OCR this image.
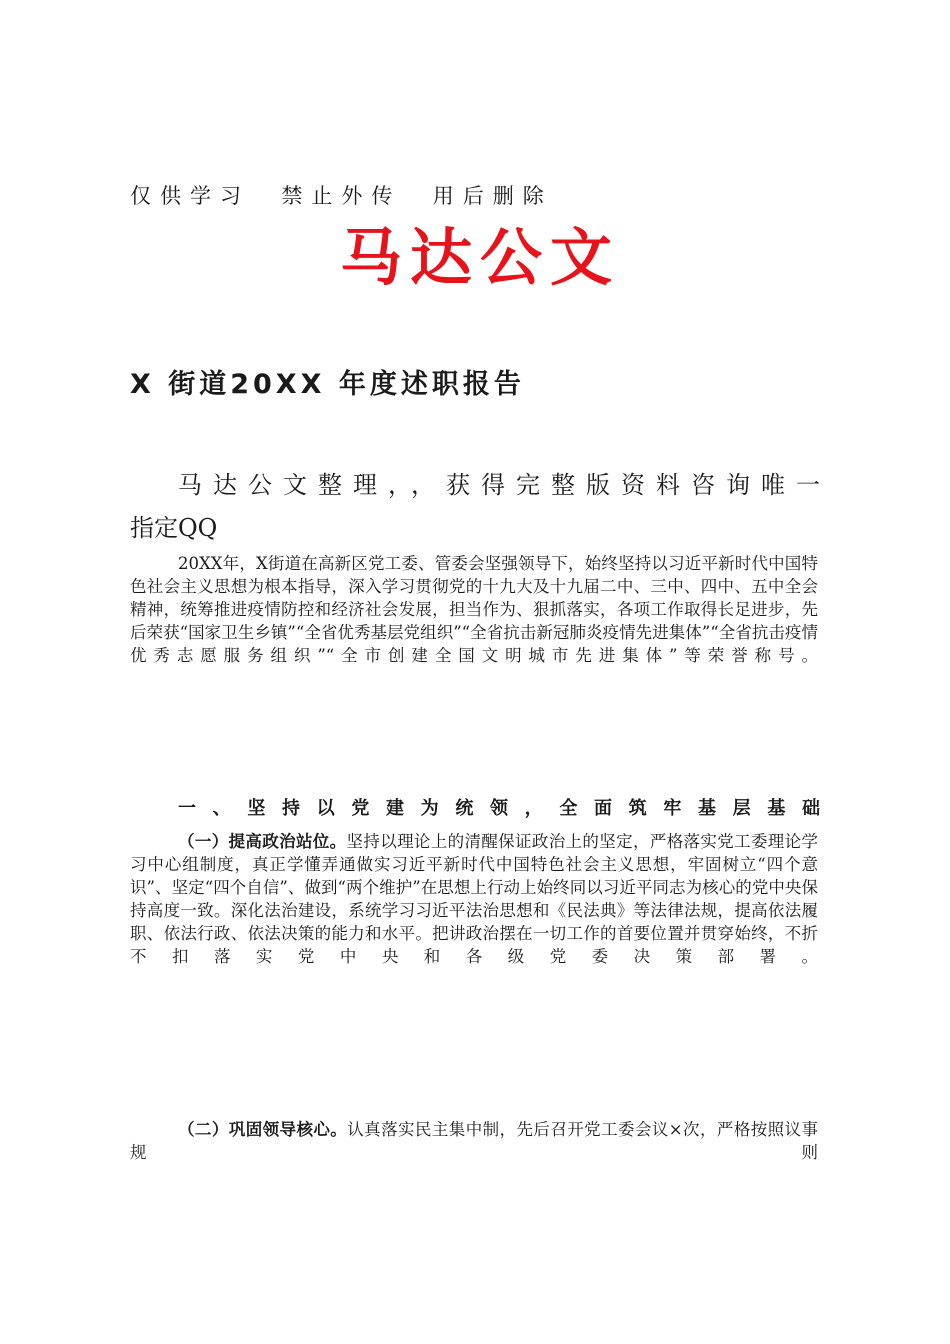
仅供学习  禁止外传  用后删除
马达公文
X 街道20XX 年度述职报告
马达公文整理，，获得完整版资料咨询唯一
指定QQ
20XX年，X街道在高新区党工委、管委会坚强领导下，始终坚持以习近平新时代中国特色社会主义思想为根本指导，深入学习贯彻党的十九大及十九届二中、三中、四中、五中全会精神，统筹推进疫情防控和经济社会发展，担当作为、狠抓落实，各项工作取得长足进步，先后荣获“国家卫生乡镇”“全省优秀基层党组织”“全省抗击新冠肺炎疫情先进集体”“全省抗击疫情优秀志愿服务组织”“全市创建全国文明城市先进集体”等荣誉称号。
一、坚持以党建为统领，全面筑牢基层基础
（一）提高政治站位。坚持以理论上的清醒保证政治上的坚定，严格落实党工委理论学习中心组制度，真正学懂弄通做实习近平新时代中国特色社会主义思想，牢固树立“四个意识”、坚定“四个自信”、做到“两个维护”在思想上行动上始终同以习近平同志为核心的党中央保持高度一致。深化法治建设，系统学习习近平法治思想和《民法典》等法律法规，提高依法履职、依法行政、依法决策的能力和水平。把讲政治摆在一切工作的首要位置并贯穿始终，不折不扣落实党中央和各级党委决策部署。
（二）巩固领导核心。认真落实民主集中制，先后召开党工委会议×次，严格按照议事规则
